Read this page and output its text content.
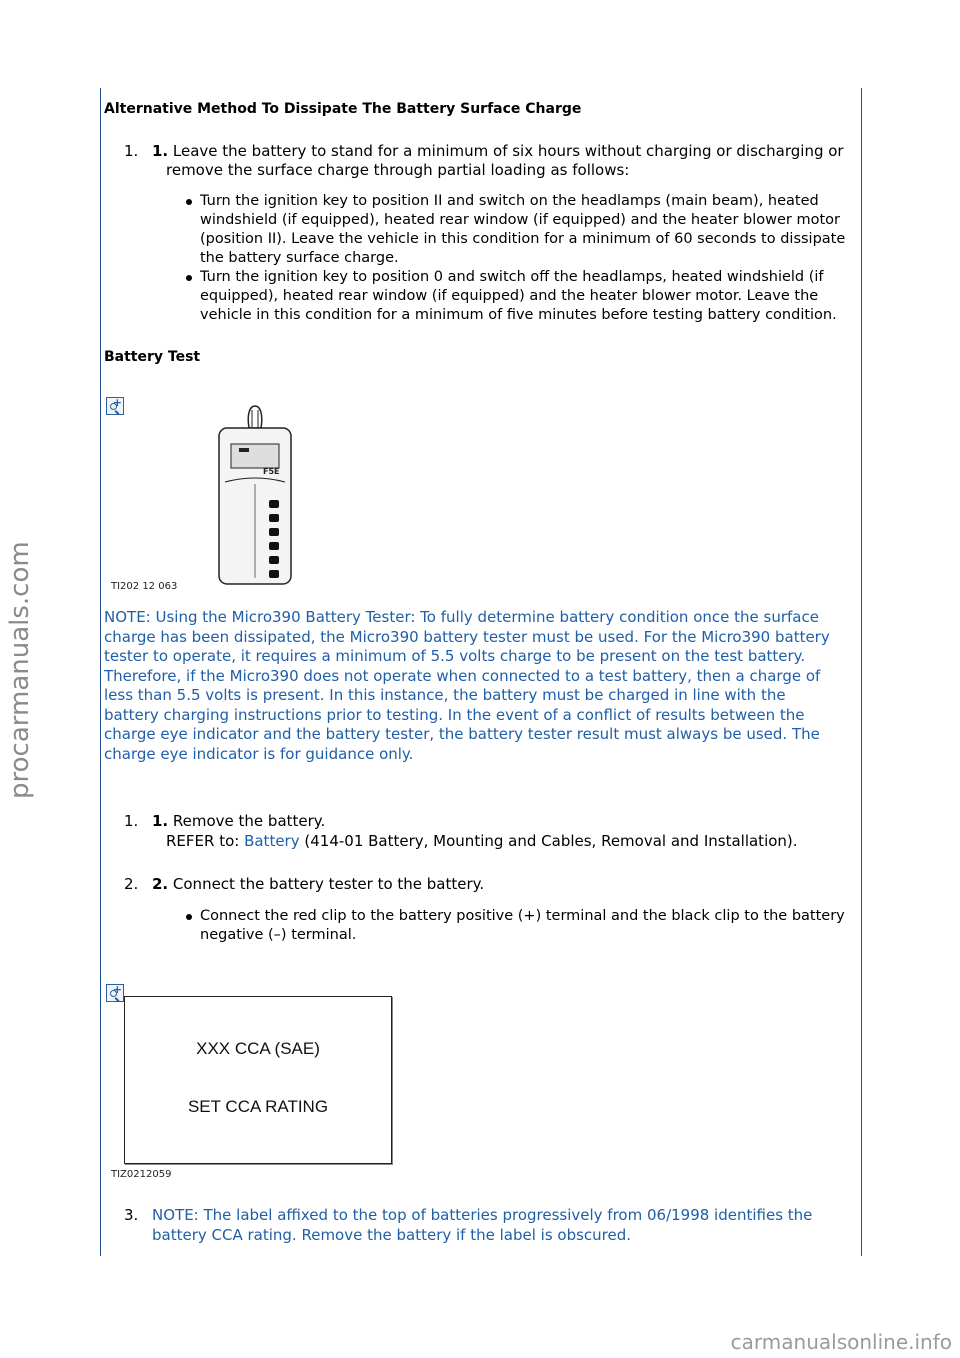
procarmanuals.com
carmanualsonline.info

Alternative Method To Dissipate The Battery Surface Charge

1. 1. Leave the battery to stand for a minimum of six hours without charging or discharging or remove the surface charge through partial loading as follows:
Turn the ignition key to position II and switch on the headlamps (main beam), heated windshield (if equipped), heated rear window (if equipped) and the heater blower motor (position II). Leave the vehicle in this condition for a minimum of 60 seconds to dissipate the battery surface charge.
Turn the ignition key to position 0 and switch off the headlamps, heated windshield (if equipped), heated rear window (if equipped) and the heater blower motor. Leave the vehicle in this condition for a minimum of five minutes before testing battery condition.

Battery Test

+
F5E
TI202 12 063
NOTE: Using the Micro390 Battery Tester: To fully determine battery condition once the surface charge has been dissipated, the Micro390 battery tester must be used. For the Micro390 battery tester to operate, it requires a minimum of 5.5 volts charge to be present on the test battery. Therefore, if the Micro390 does not operate when connected to a test battery, then a charge of less than 5.5 volts is present. In this instance, the battery must be charged in line with the battery charging instructions prior to testing. In the event of a conflict of results between the charge eye indicator and the battery tester, the battery tester result must always be used. The charge eye indicator is for guidance only.
1. 1. Remove the battery.
REFER to: Battery (414-01 Battery, Mounting and Cables, Removal and Installation).
2. 2. Connect the battery tester to the battery.
Connect the red clip to the battery positive (+) terminal and the black clip to the battery negative (–) terminal.
+
XXX CCA (SAE)
SET CCA RATING
TIZ0212059
3. NOTE: The label affixed to the top of batteries progressively from 06/1998 identifies the battery CCA rating. Remove the battery if the label is obscured.
